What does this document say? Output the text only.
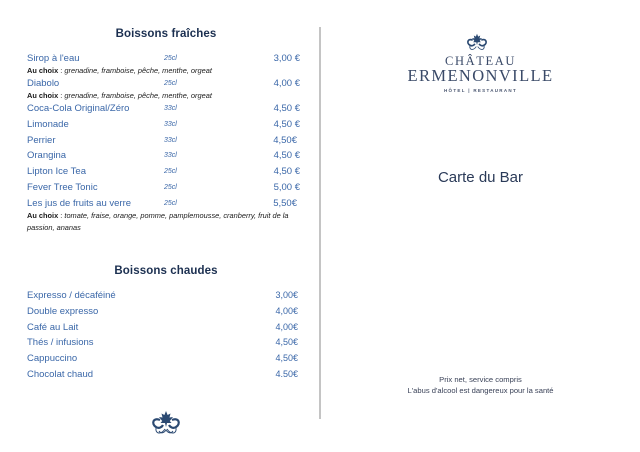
Boissons fraîches
Sirop à l'eau	25cl	3,00 €
Au choix : grenadine, framboise, pêche, menthe, orgeat
Diabolo	25cl	4,00 €
Au choix : grenadine, framboise, pêche, menthe, orgeat
Coca-Cola Original/Zéro	33cl	4,50 €
Limonade	33cl	4,50 €
Perrier	33cl	4,50€
Orangina	33cl	4,50 €
Lipton Ice Tea	25cl	4,50 €
Fever Tree Tonic	25cl	5,00 €
Les jus de fruits au verre	25cl	5,50€
Au choix : tomate, fraise, orange, pomme, pamplemousse, cranberry, fruit de la passion, ananas
Boissons chaudes
Expresso / décaféiné	3,00€
Double expresso	4,00€
Café au Lait	4,00€
Thés / infusions	4,50€
Cappuccino	4,50€
Chocolat chaud	4.50€
CHÂTEAU
ERMENONVILLE
HÔTEL | RESTAURANT
Carte du Bar
Prix net, service compris
L'abus d'alcool est dangereux pour la santé
